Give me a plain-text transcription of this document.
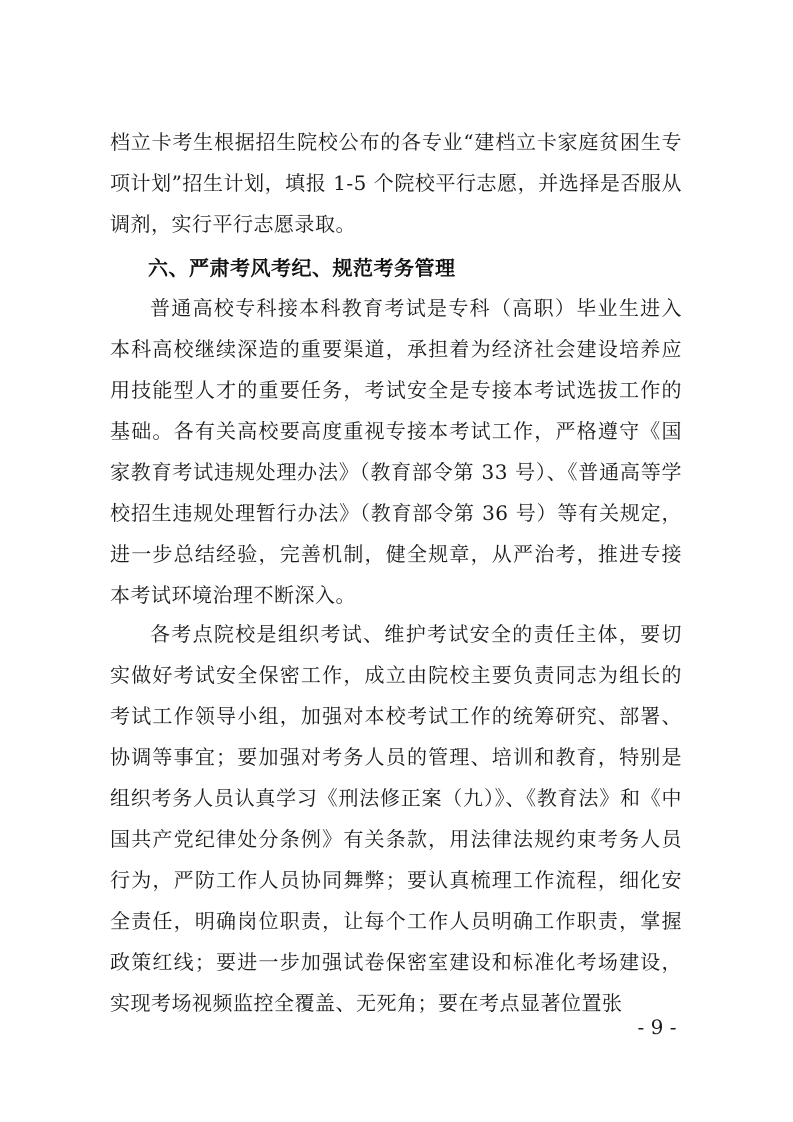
档立卡考生根据招生院校公布的各专业“建档立卡家庭贫困生专项计划”招生计划，填报 1-5 个院校平行志愿，并选择是否服从调剂，实行平行志愿录取。
六、严肃考风考纪、规范考务管理
普通高校专科接本科教育考试是专科（高职）毕业生进入本科高校继续深造的重要渠道，承担着为经济社会建设培养应用技能型人才的重要任务，考试安全是专接本考试选拔工作的基础。各有关高校要高度重视专接本考试工作，严格遵守《国家教育考试违规处理办法》（教育部令第 33 号）、《普通高等学校招生违规处理暂行办法》（教育部令第 36 号）等有关规定，进一步总结经验，完善机制，健全规章，从严治考，推进专接本考试环境治理不断深入。
各考点院校是组织考试、维护考试安全的责任主体，要切实做好考试安全保密工作，成立由院校主要负责同志为组长的考试工作领导小组，加强对本校考试工作的统筹研究、部署、协调等事宜；要加强对考务人员的管理、培训和教育，特别是组织考务人员认真学习《刑法修正案（九）》、《教育法》和《中国共产党纪律处分条例》有关条款，用法律法规约束考务人员行为，严防工作人员协同舞弊；要认真梳理工作流程，细化安全责任，明确岗位职责，让每个工作人员明确工作职责，掌握政策红线；要进一步加强试卷保密室建设和标准化考场建设，实现考场视频监控全覆盖、无死角；要在考点显著位置张
- 9 -
